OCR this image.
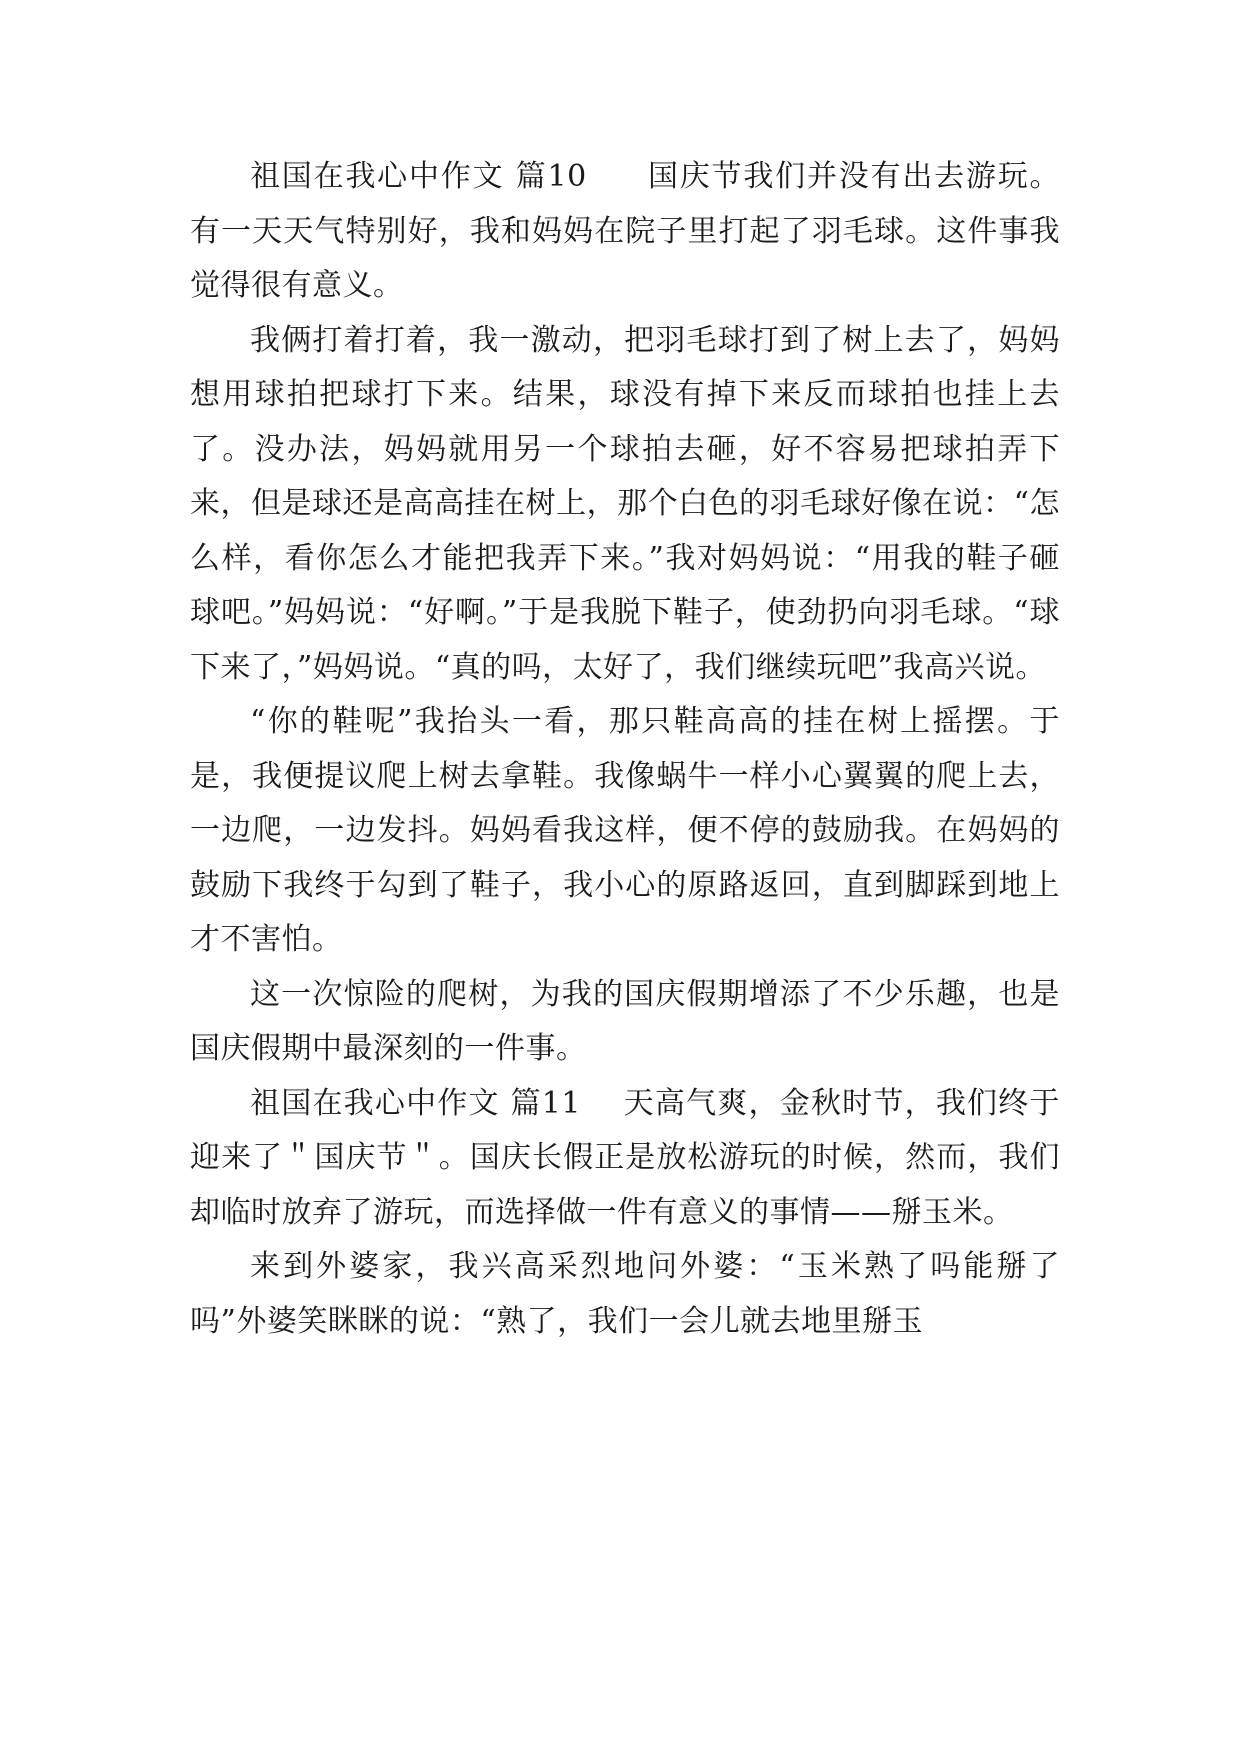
祖国在我心中作文 篇10 国庆节我们并没有出去游玩。有一天天气特别好，我和妈妈在院子里打起了羽毛球。这件事我觉得很有意义。

我俩打着打着，我一激动，把羽毛球打到了树上去了，妈妈想用球拍把球打下来。结果，球没有掉下来反而球拍也挂上去了。没办法，妈妈就用另一个球拍去砸，好不容易把球拍弄下来，但是球还是高高挂在树上，那个白色的羽毛球好像在说：“怎么样，看你怎么才能把我弄下来。”我对妈妈说：“用我的鞋子砸球吧。”妈妈说：“好啊。”于是我脱下鞋子，使劲扔向羽毛球。“球下来了，”妈妈说。“真的吗，太好了，我们继续玩吧”我高兴说。

“你的鞋呢”我抬头一看，那只鞋高高的挂在树上摇摆。于是，我便提议爬上树去拿鞋。我像蜗牛一样小心翼翼的爬上去，一边爬，一边发抖。妈妈看我这样，便不停的鼓励我。在妈妈的鼓励下我终于勾到了鞋子，我小心的原路返回，直到脚踩到地上才不害怕。

这一次惊险的爬树，为我的国庆假期增添了不少乐趣，也是国庆假期中最深刻的一件事。

祖国在我心中作文 篇11 天高气爽，金秋时节，我们终于迎来了＂国庆节＂。国庆长假正是放松游玩的时候，然而，我们却临时放弃了游玩，而选择做一件有意义的事情——掰玉米。

来到外婆家，我兴高采烈地问外婆：“玉米熟了吗能掰了吗”外婆笑眯眯的说：“熟了，我们一会儿就去地里掰玉
